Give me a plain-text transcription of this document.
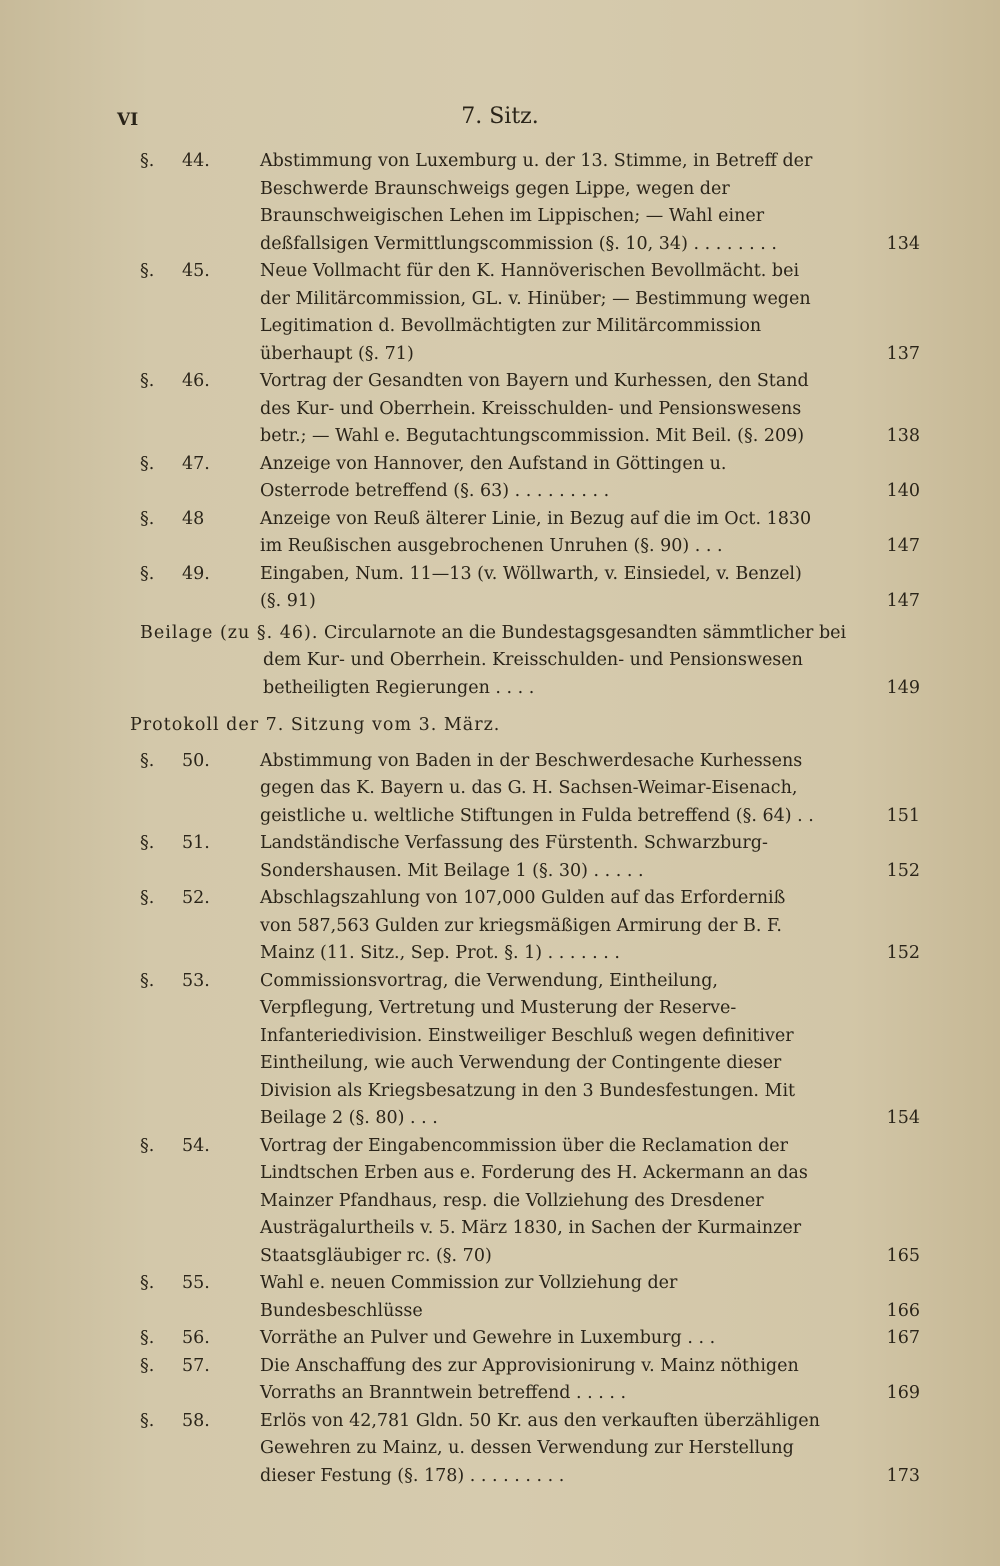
VI	7. Sitz.
§.	44.	Abstimmung von Luxemburg u. der 13. Stimme, in Betreff der Beschwerde Braunschweigs gegen Lippe, wegen der Braunschweigischen Lehen im Lippischen; — Wahl einer deßfallsigen Vermittlungscommission (§. 10, 34) . . . . . . . .	134
§.	45.	Neue Vollmacht für den K. Hannöverischen Bevollmächt. bei der Militärcommission, GL. v. Hinüber; — Bestimmung wegen Legitimation d. Bevollmächtigten zur Militärcommission überhaupt (§. 71)	137
§.	46.	Vortrag der Gesandten von Bayern und Kurhessen, den Stand des Kur- und Oberrhein. Kreisschulden- und Pensionswesens betr.; — Wahl e. Begutachtungscommission. Mit Beil. (§. 209)	138
§.	47.	Anzeige von Hannover, den Aufstand in Göttingen u. Osterrode betreffend (§. 63) . . . . . . . . .	140
§.	48	Anzeige von Reuß älterer Linie, in Bezug auf die im Oct. 1830 im Reußischen ausgebrochenen Unruhen (§. 90) . . .	147
§.	49.	Eingaben, Num. 11—13 (v. Wöllwarth, v. Einsiedel, v. Benzel) (§. 91)	147
Beilage (zu §. 46). Circularnote an die Bundestagsgesandten sämmtlicher bei dem Kur- und Oberrhein. Kreisschulden- und Pensionswesen betheiligten Regierungen . . . .	149
Protokoll der 7. Sitzung vom 3. März.
§.	50.	Abstimmung von Baden in der Beschwerdesache Kurhessens gegen das K. Bayern u. das G. H. Sachsen-Weimar-Eisenach, geistliche u. weltliche Stiftungen in Fulda betreffend (§. 64) . .	151
§.	51.	Landständische Verfassung des Fürstenth. Schwarzburg-Sondershausen. Mit Beilage 1 (§. 30) . . . . .	152
§.	52.	Abschlagszahlung von 107,000 Gulden auf das Erforderniß von 587,563 Gulden zur kriegsmäßigen Armirung der B. F. Mainz (11. Sitz., Sep. Prot. §. 1) . . . . . . .	152
§.	53.	Commissionsvortrag, die Verwendung, Eintheilung, Verpflegung, Vertretung und Musterung der Reserve-Infanteriedivision. Einstweiliger Beschluß wegen definitiver Eintheilung, wie auch Verwendung der Contingente dieser Division als Kriegsbesatzung in den 3 Bundesfestungen. Mit Beilage 2 (§. 80) . . .	154
§.	54.	Vortrag der Eingabencommission über die Reclamation der Lindtschen Erben aus e. Forderung des H. Ackermann an das Mainzer Pfandhaus, resp. die Vollziehung des Dresdener Austrägalurtheils v. 5. März 1830, in Sachen der Kurmainzer Staatsgläubiger rc. (§. 70)	165
§.	55.	Wahl e. neuen Commission zur Vollziehung der Bundesbeschlüsse	166
§.	56.	Vorräthe an Pulver und Gewehre in Luxemburg . . .	167
§.	57.	Die Anschaffung des zur Approvisionirung v. Mainz nöthigen Vorraths an Branntwein betreffend . . . . .	169
§.	58.	Erlös von 42,781 Gldn. 50 Kr. aus den verkauften überzähligen Gewehren zu Mainz, u. dessen Verwendung zur Herstellung dieser Festung (§. 178) . . . . . . . . .	173
